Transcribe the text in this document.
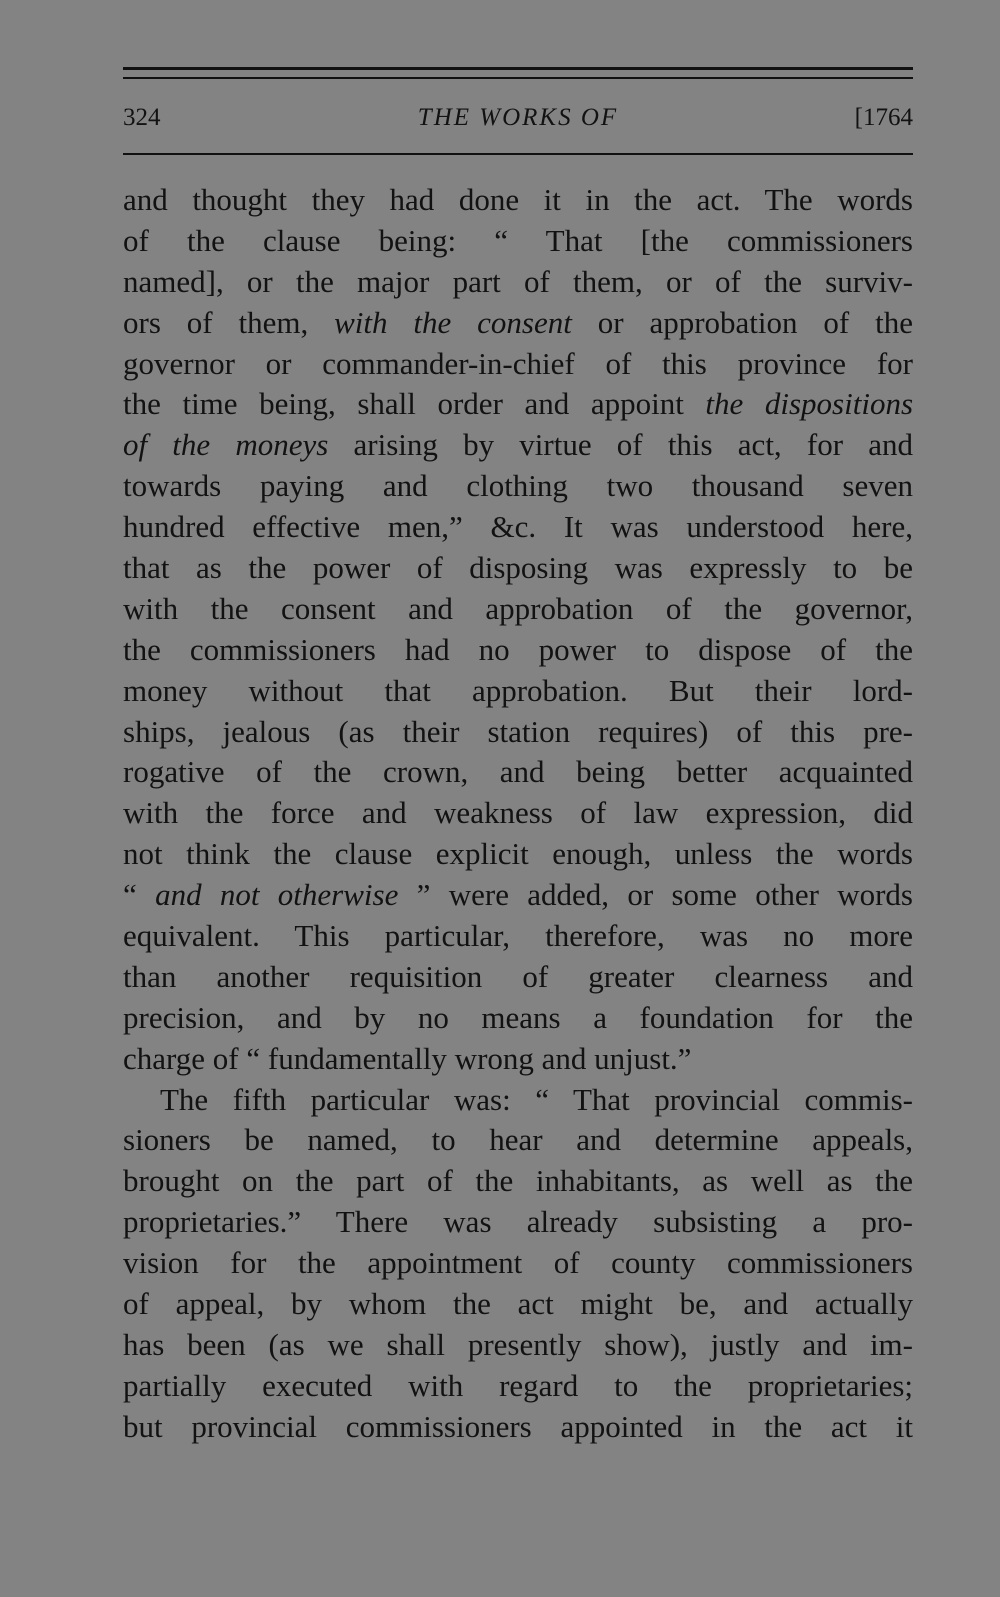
324	THE WORKS OF	[1764
and thought they had done it in the act. The words
of the clause being: “ That [the commissioners
named], or the major part of them, or of the surviv-
ors of them, with the consent or approbation of the
governor or commander-in-chief of this province for
the time being, shall order and appoint the dispositions
of the moneys arising by virtue of this act, for and
towards paying and clothing two thousand seven
hundred effective men,” &c. It was understood here,
that as the power of disposing was expressly to be
with the consent and approbation of the governor,
the commissioners had no power to dispose of the
money without that approbation. But their lord-
ships, jealous (as their station requires) of this pre-
rogative of the crown, and being better acquainted
with the force and weakness of law expression, did
not think the clause explicit enough, unless the words
“ and not otherwise ” were added, or some other words
equivalent. This particular, therefore, was no more
than another requisition of greater clearness and
precision, and by no means a foundation for the
charge of “ fundamentally wrong and unjust.”
The fifth particular was: “ That provincial commis-
sioners be named, to hear and determine appeals,
brought on the part of the inhabitants, as well as the
proprietaries.” There was already subsisting a pro-
vision for the appointment of county commissioners
of appeal, by whom the act might be, and actually
has been (as we shall presently show), justly and im-
partially executed with regard to the proprietaries;
but provincial commissioners appointed in the act it
